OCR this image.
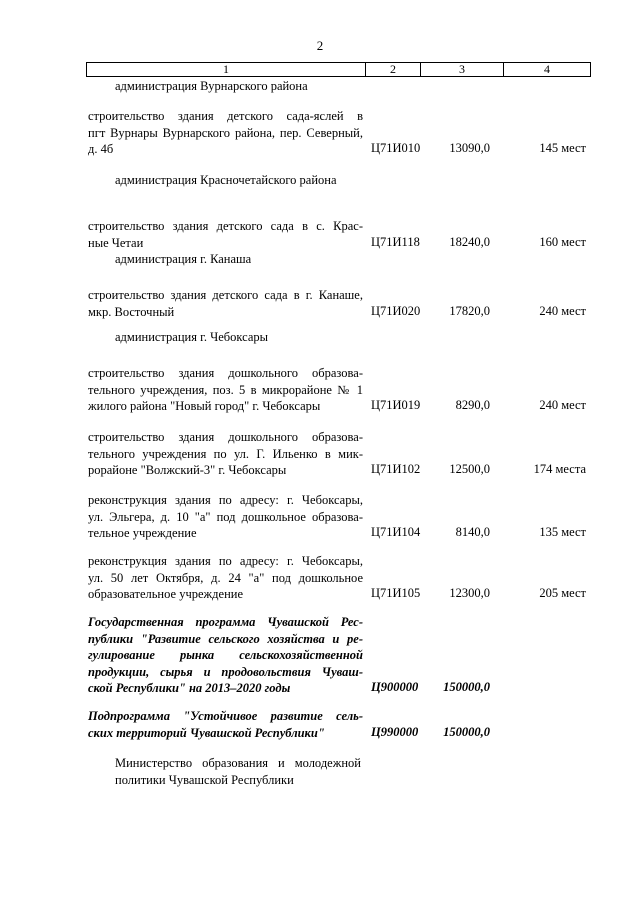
2
1	2	3	4
администрация Вурнарского района
строительство здания детского сада-яслей в
пгт Вурнары Вурнарского района, пер. Северный,
д. 4б	Ц71И010	13090,0	145 мест
администрация Красночетайского района
строительство здания детского сада в с. Крас-
ные Четаи	Ц71И118	18240,0	160 мест
администрация г. Канаша
строительство здания детского сада в г. Канаше,
мкр. Восточный	Ц71И020	17820,0	240 мест
администрация г. Чебоксары
строительство здания дошкольного образова-
тельного учреждения, поз. 5 в микрорайоне № 1
жилого района "Новый город" г. Чебоксары	Ц71И019	8290,0	240 мест
строительство здания дошкольного образова-
тельного учреждения по ул. Г. Ильенко в мик-
рорайоне "Волжский-3" г. Чебоксары	Ц71И102	12500,0	174 места
реконструкция здания по адресу: г. Чебоксары,
ул. Эльгера, д. 10 "а" под дошкольное образова-
тельное учреждение	Ц71И104	8140,0	135 мест
реконструкция здания по адресу: г. Чебоксары,
ул. 50 лет Октября, д. 24 "а" под дошкольное
образовательное учреждение	Ц71И105	12300,0	205 мест
Государственная программа Чувашской Рес-
публики "Развитие сельского хозяйства и ре-
гулирование рынка сельскохозяйственной
продукции, сырья и продовольствия Чуваш-
ской Республики" на 2013–2020 годы	Ц900000	150000,0
Подпрограмма "Устойчивое развитие сель-
ских территорий Чувашской Республики"	Ц990000	150000,0
Министерство образования и молодежной
политики Чувашской Республики
